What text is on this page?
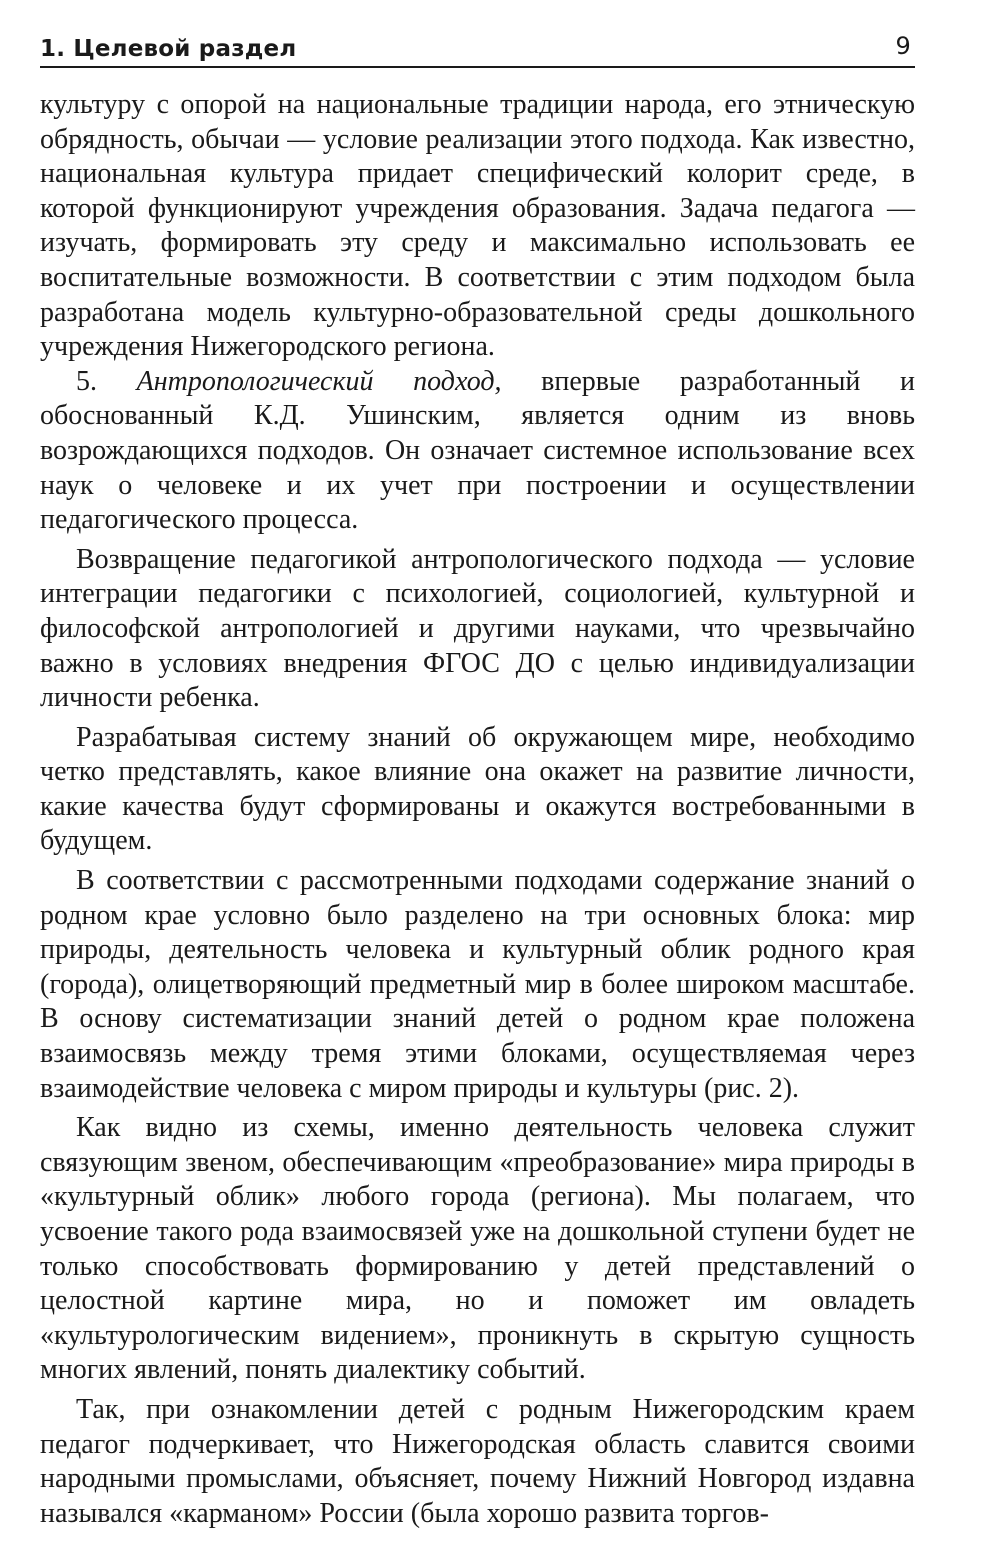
1. Целевой раздел	9

культуру с опорой на национальные традиции народа, его этническую обрядность, обычаи — условие реализации этого подхода. Как известно, национальная культура придает специфический колорит среде, в которой функционируют учреждения образования. Задача педагога — изучать, формировать эту среду и максимально использовать ее воспитательные возможности. В соответствии с этим подходом была разработана модель культурно-образовательной среды дошкольного учреждения Нижегородского региона.

5. Антропологический подход, впервые разработанный и обоснованный К.Д. Ушинским, является одним из вновь возрождающихся подходов. Он означает системное использование всех наук о человеке и их учет при построении и осуществлении педагогического процесса.

Возвращение педагогикой антропологического подхода — условие интеграции педагогики с психологией, социологией, культурной и философской антропологией и другими науками, что чрезвычайно важно в условиях внедрения ФГОС ДО с целью индивидуализации личности ребенка.

Разрабатывая систему знаний об окружающем мире, необходимо четко представлять, какое влияние она окажет на развитие личности, какие качества будут сформированы и окажутся востребованными в будущем.

В соответствии с рассмотренными подходами содержание знаний о родном крае условно было разделено на три основных блока: мир природы, деятельность человека и культурный облик родного края (города), олицетворяющий предметный мир в более широком масштабе. В основу систематизации знаний детей о родном крае положена взаимосвязь между тремя этими блоками, осуществляемая через взаимодействие человека с миром природы и культуры (рис. 2).

Как видно из схемы, именно деятельность человека служит связующим звеном, обеспечивающим «преобразование» мира природы в «культурный облик» любого города (региона). Мы полагаем, что усвоение такого рода взаимосвязей уже на дошкольной ступени будет не только способствовать формированию у детей представлений о целостной картине мира, но и поможет им овладеть «культурологическим видением», проникнуть в скрытую сущность многих явлений, понять диалектику событий.

Так, при ознакомлении детей с родным Нижегородским краем педагог подчеркивает, что Нижегородская область славится своими народными промыслами, объясняет, почему Нижний Новгород издавна назывался «карманом» России (была хорошо развита торгов-
